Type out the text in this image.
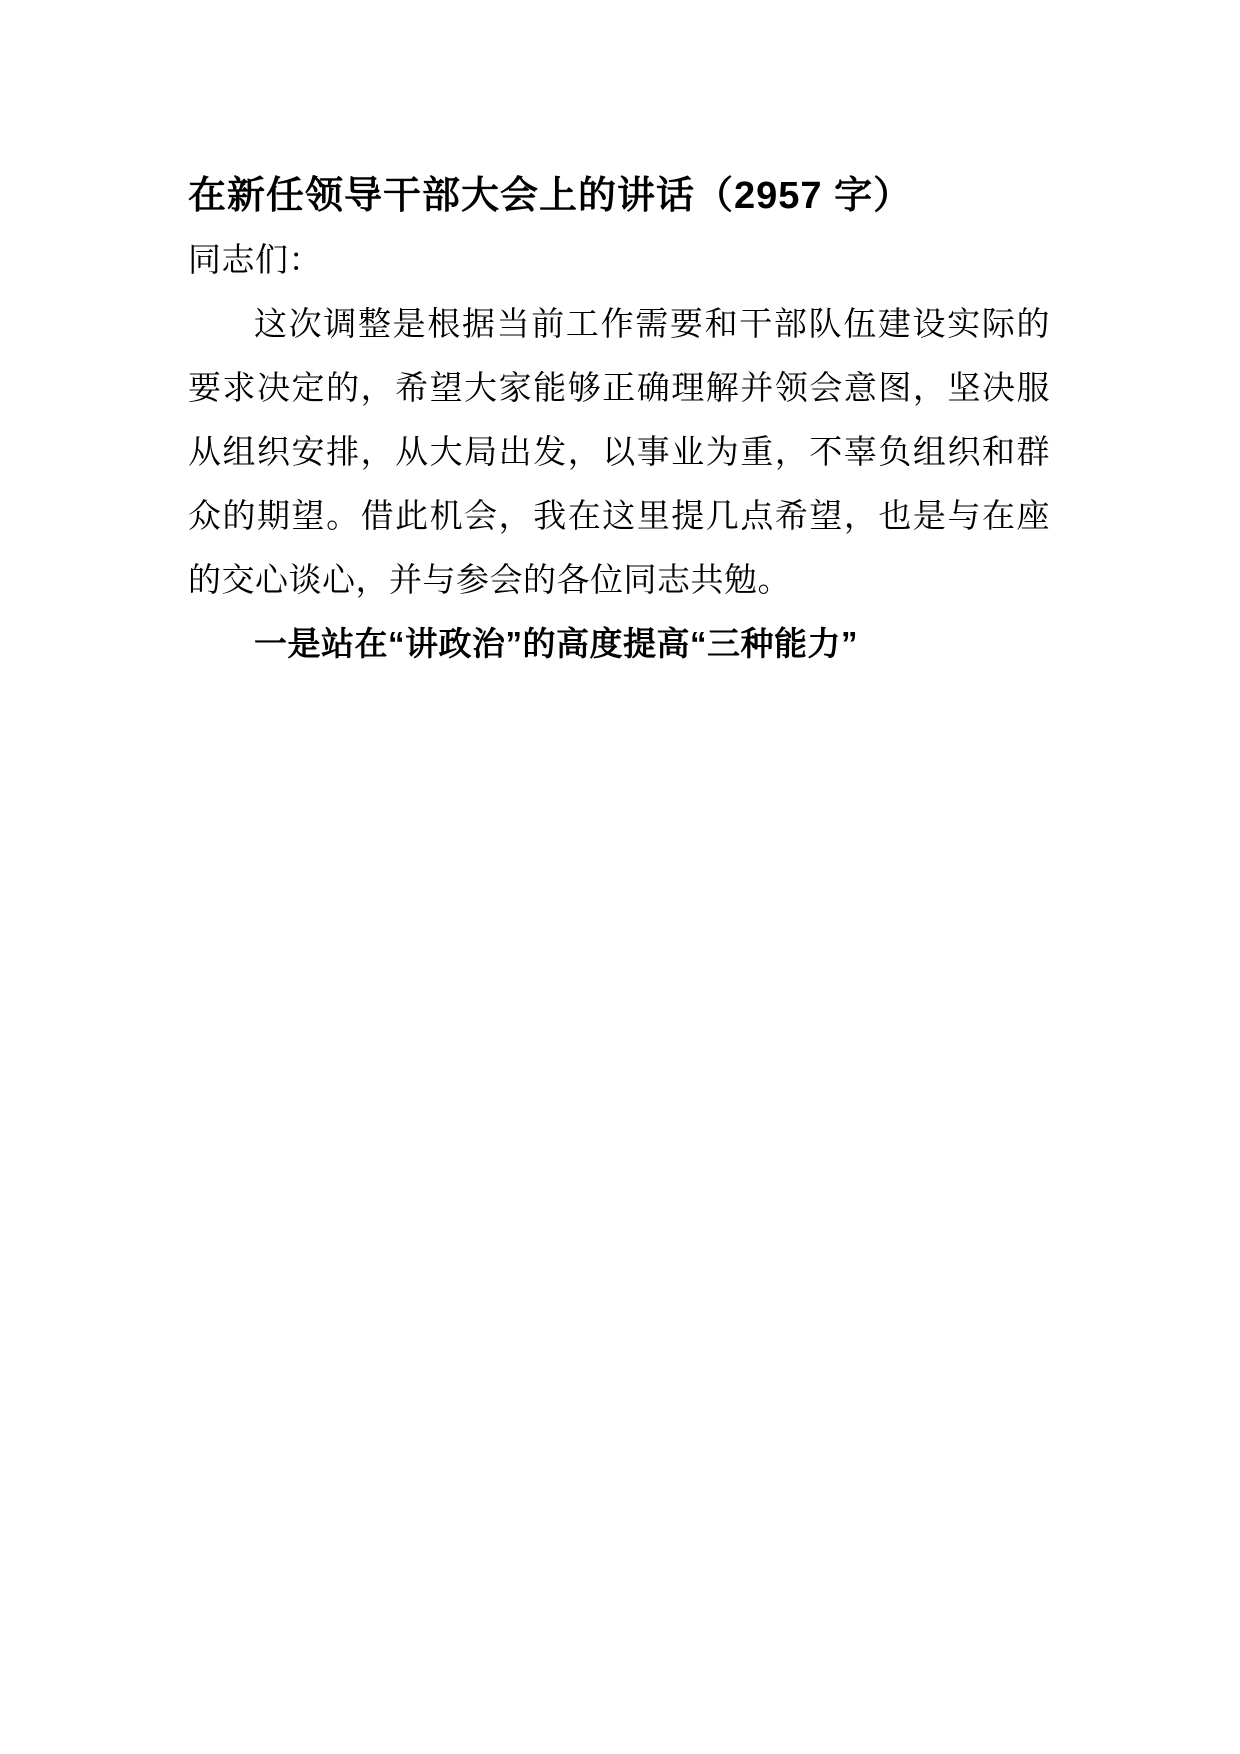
在新任领导干部大会上的讲话（2957 字）

同志们：

这次调整是根据当前工作需要和干部队伍建设实际的要求决定的，希望大家能够正确理解并领会意图，坚决服从组织安排，从大局出发，以事业为重，不辜负组织和群众的期望。借此机会，我在这里提几点希望，也是与在座的交心谈心，并与参会的各位同志共勉。

一是站在“讲政治”的高度提高“三种能力”
